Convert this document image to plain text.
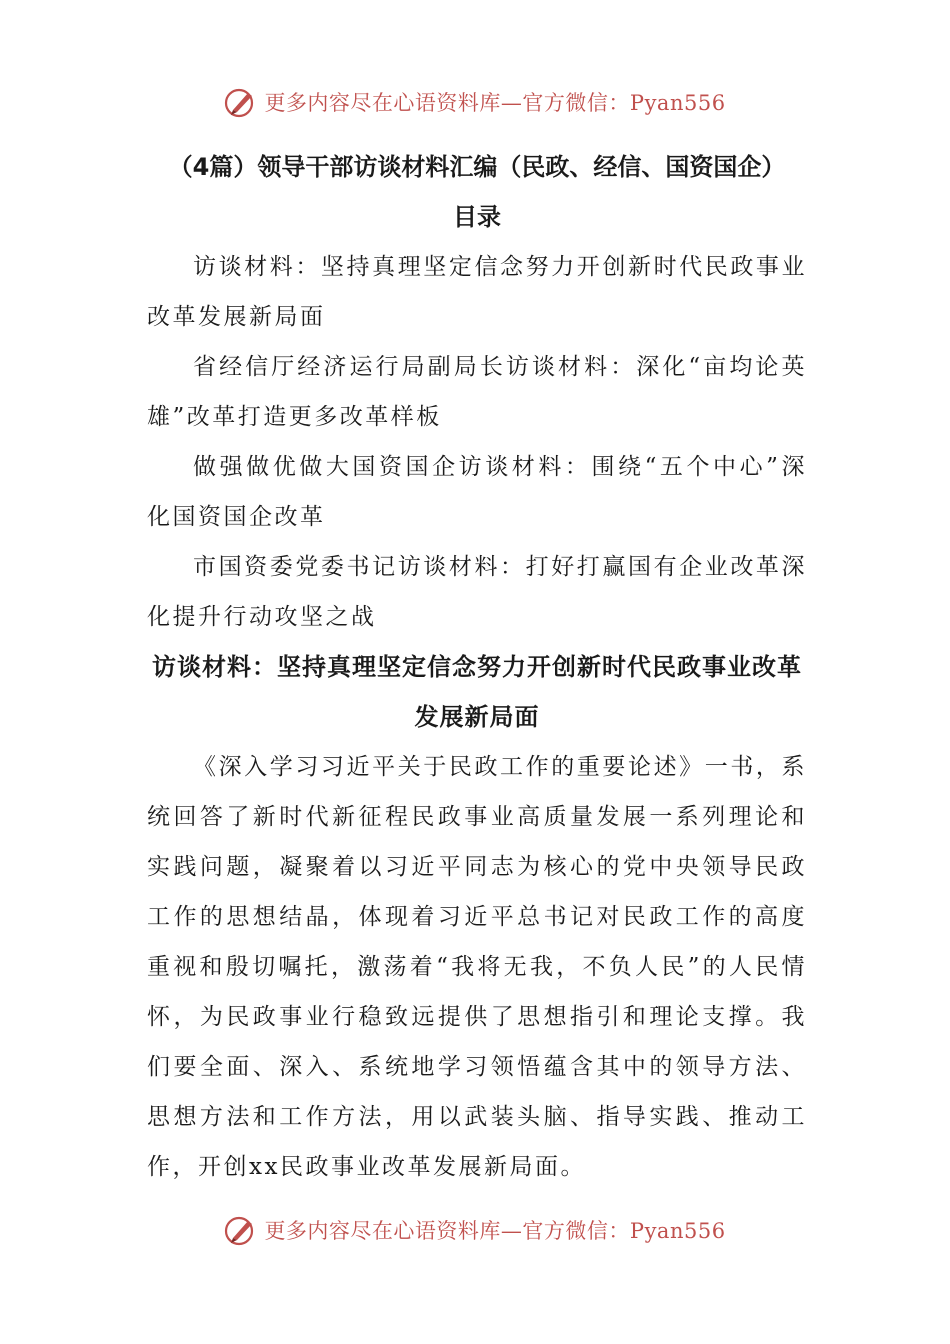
更多内容尽在心语资料库—官方微信：Pyan556

（4篇）领导干部访谈材料汇编（民政、经信、国资国企）

目录

访谈材料：坚持真理坚定信念努力开创新时代民政事业改革发展新局面

省经信厅经济运行局副局长访谈材料：深化“亩均论英雄”改革打造更多改革样板

做强做优做大国资国企访谈材料：围绕“五个中心”深化国资国企改革

市国资委党委书记访谈材料：打好打赢国有企业改革深化提升行动攻坚之战

访谈材料：坚持真理坚定信念努力开创新时代民政事业改革发展新局面

《深入学习习近平关于民政工作的重要论述》一书，系统回答了新时代新征程民政事业高质量发展一系列理论和实践问题，凝聚着以习近平同志为核心的党中央领导民政工作的思想结晶，体现着习近平总书记对民政工作的高度重视和殷切嘱托，激荡着“我将无我，不负人民”的人民情怀，为民政事业行稳致远提供了思想指引和理论支撑。我们要全面、深入、系统地学习领悟蕴含其中的领导方法、思想方法和工作方法，用以武装头脑、指导实践、推动工作，开创xx民政事业改革发展新局面。

更多内容尽在心语资料库—官方微信：Pyan556
